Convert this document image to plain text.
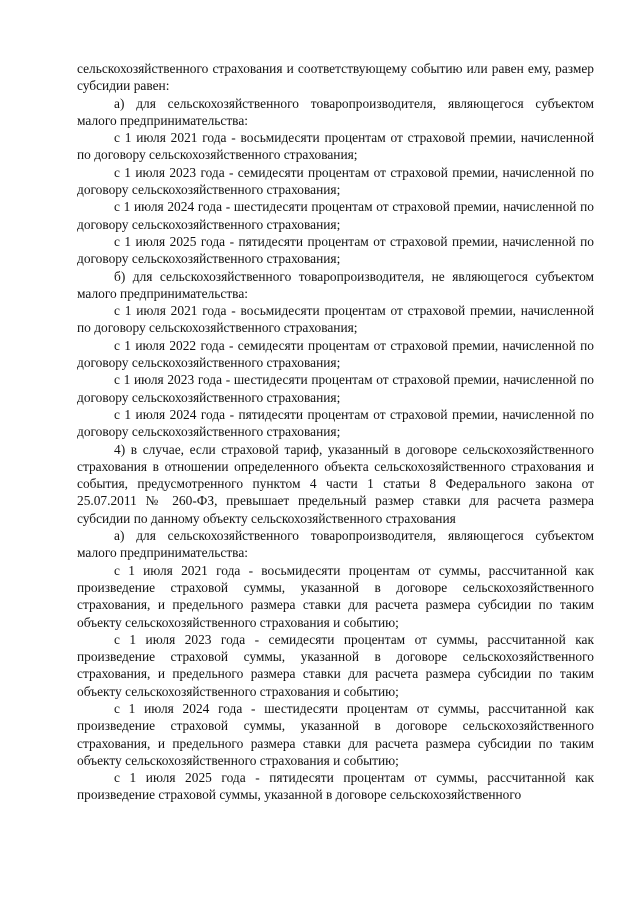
сельскохозяйственного страхования и соответствующему событию или равен ему, размер субсидии равен:

а) для сельскохозяйственного товаропроизводителя, являющегося субъектом малого предпринимательства:

с 1 июля 2021 года - восьмидесяти процентам от страховой премии, начисленной по договору сельскохозяйственного страхования;

с 1 июля 2023 года - семидесяти процентам от страховой премии, начисленной по договору сельскохозяйственного страхования;

с 1 июля 2024 года - шестидесяти процентам от страховой премии, начисленной по договору сельскохозяйственного страхования;

с 1 июля 2025 года - пятидесяти процентам от страховой премии, начисленной по договору сельскохозяйственного страхования;

б) для сельскохозяйственного товаропроизводителя, не являющегося субъектом малого предпринимательства:

с 1 июля 2021 года - восьмидесяти процентам от страховой премии, начисленной по договору сельскохозяйственного страхования;

с 1 июля 2022 года - семидесяти процентам от страховой премии, начисленной по договору сельскохозяйственного страхования;

с 1 июля 2023 года - шестидесяти процентам от страховой премии, начисленной по договору сельскохозяйственного страхования;

с 1 июля 2024 года - пятидесяти процентам от страховой премии, начисленной по договору сельскохозяйственного страхования;

4) в случае, если страховой тариф, указанный в договоре сельскохозяйственного страхования в отношении определенного объекта сельскохозяйственного страхования и события, предусмотренного пунктом 4 части 1 статьи 8 Федерального закона от 25.07.2011 № 260-ФЗ, превышает предельный размер ставки для расчета размера субсидии по данному объекту сельскохозяйственного страхования

а) для сельскохозяйственного товаропроизводителя, являющегося субъектом малого предпринимательства:

с 1 июля 2021 года - восьмидесяти процентам от суммы, рассчитанной как произведение страховой суммы, указанной в договоре сельскохозяйственного страхования, и предельного размера ставки для расчета размера субсидии по таким объекту сельскохозяйственного страхования и событию;

с 1 июля 2023 года - семидесяти процентам от суммы, рассчитанной как произведение страховой суммы, указанной в договоре сельскохозяйственного страхования, и предельного размера ставки для расчета размера субсидии по таким объекту сельскохозяйственного страхования и событию;

с 1 июля 2024 года - шестидесяти процентам от суммы, рассчитанной как произведение страховой суммы, указанной в договоре сельскохозяйственного страхования, и предельного размера ставки для расчета размера субсидии по таким объекту сельскохозяйственного страхования и событию;

с 1 июля 2025 года - пятидесяти процентам от суммы, рассчитанной как произведение страховой суммы, указанной в договоре сельскохозяйственного
